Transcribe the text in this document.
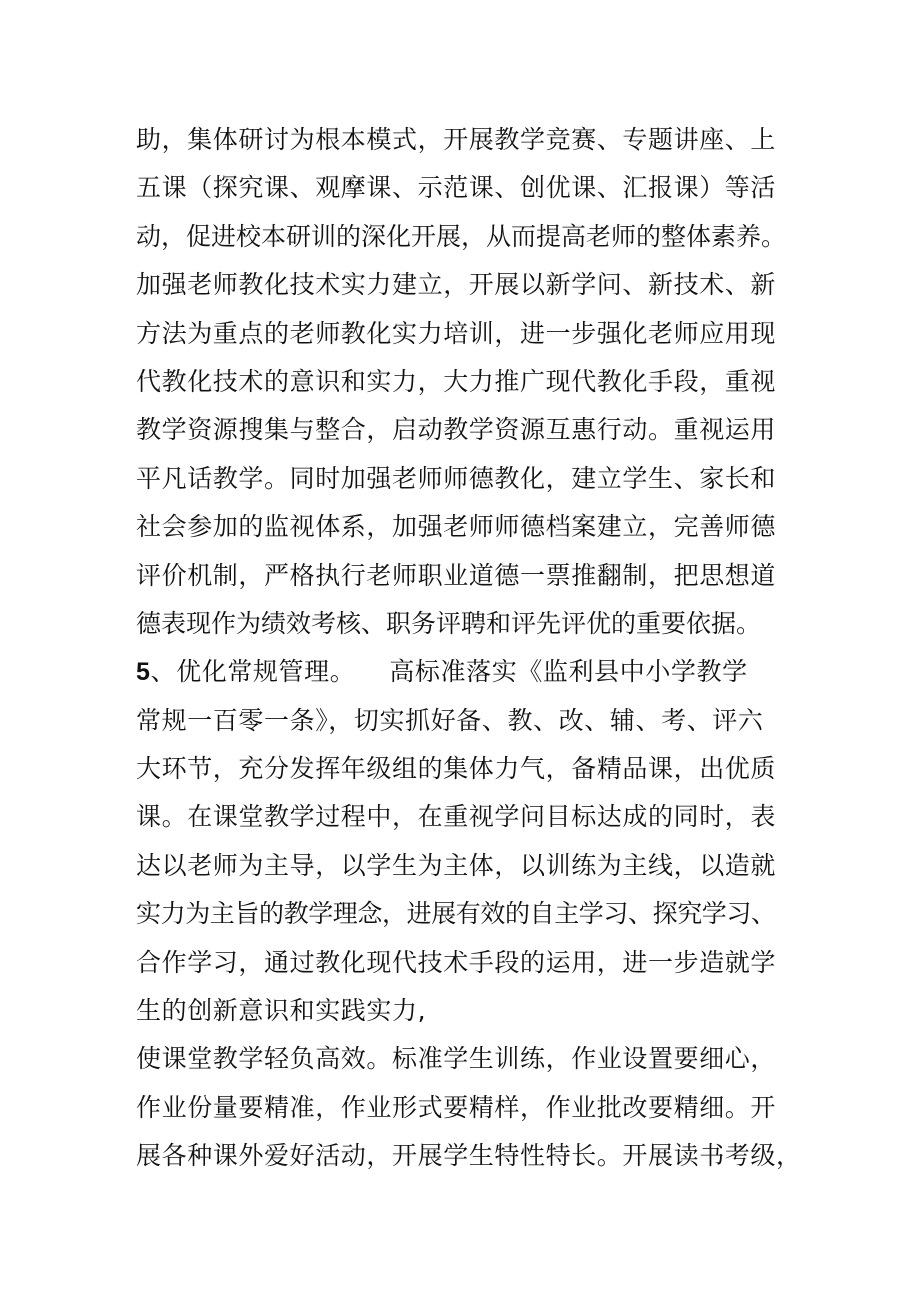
助，集体研讨为根本模式，开展教学竞赛、专题讲座、上
五课（探究课、观摩课、示范课、创优课、汇报课）等活
动，促进校本研训的深化开展，从而提高老师的整体素养。
加强老师教化技术实力建立，开展以新学问、新技术、新
方法为重点的老师教化实力培训，进一步强化老师应用现
代教化技术的意识和实力，大力推广现代教化手段，重视
教学资源搜集与整合，启动教学资源互惠行动。重视运用
平凡话教学。同时加强老师师德教化，建立学生、家长和
社会参加的监视体系，加强老师师德档案建立，完善师德
评价机制，严格执行老师职业道德一票推翻制，把思想道
德表现作为绩效考核、职务评聘和评先评优的重要依据。
5、优化常规管理。 高标准落实《监利县中小学教学
常规一百零一条》，切实抓好备、教、改、辅、考、评六
大环节，充分发挥年级组的集体力气，备精品课，出优质
课。在课堂教学过程中，在重视学问目标达成的同时，表
达以老师为主导，以学生为主体，以训练为主线，以造就
实力为主旨的教学理念，进展有效的自主学习、探究学习、
合作学习，通过教化现代技术手段的运用，进一步造就学
生的创新意识和实践实力,
使课堂教学轻负高效。标准学生训练，作业设置要细心，
作业份量要精准，作业形式要精样，作业批改要精细。开
展各种课外爱好活动，开展学生特性特长。开展读书考级，
